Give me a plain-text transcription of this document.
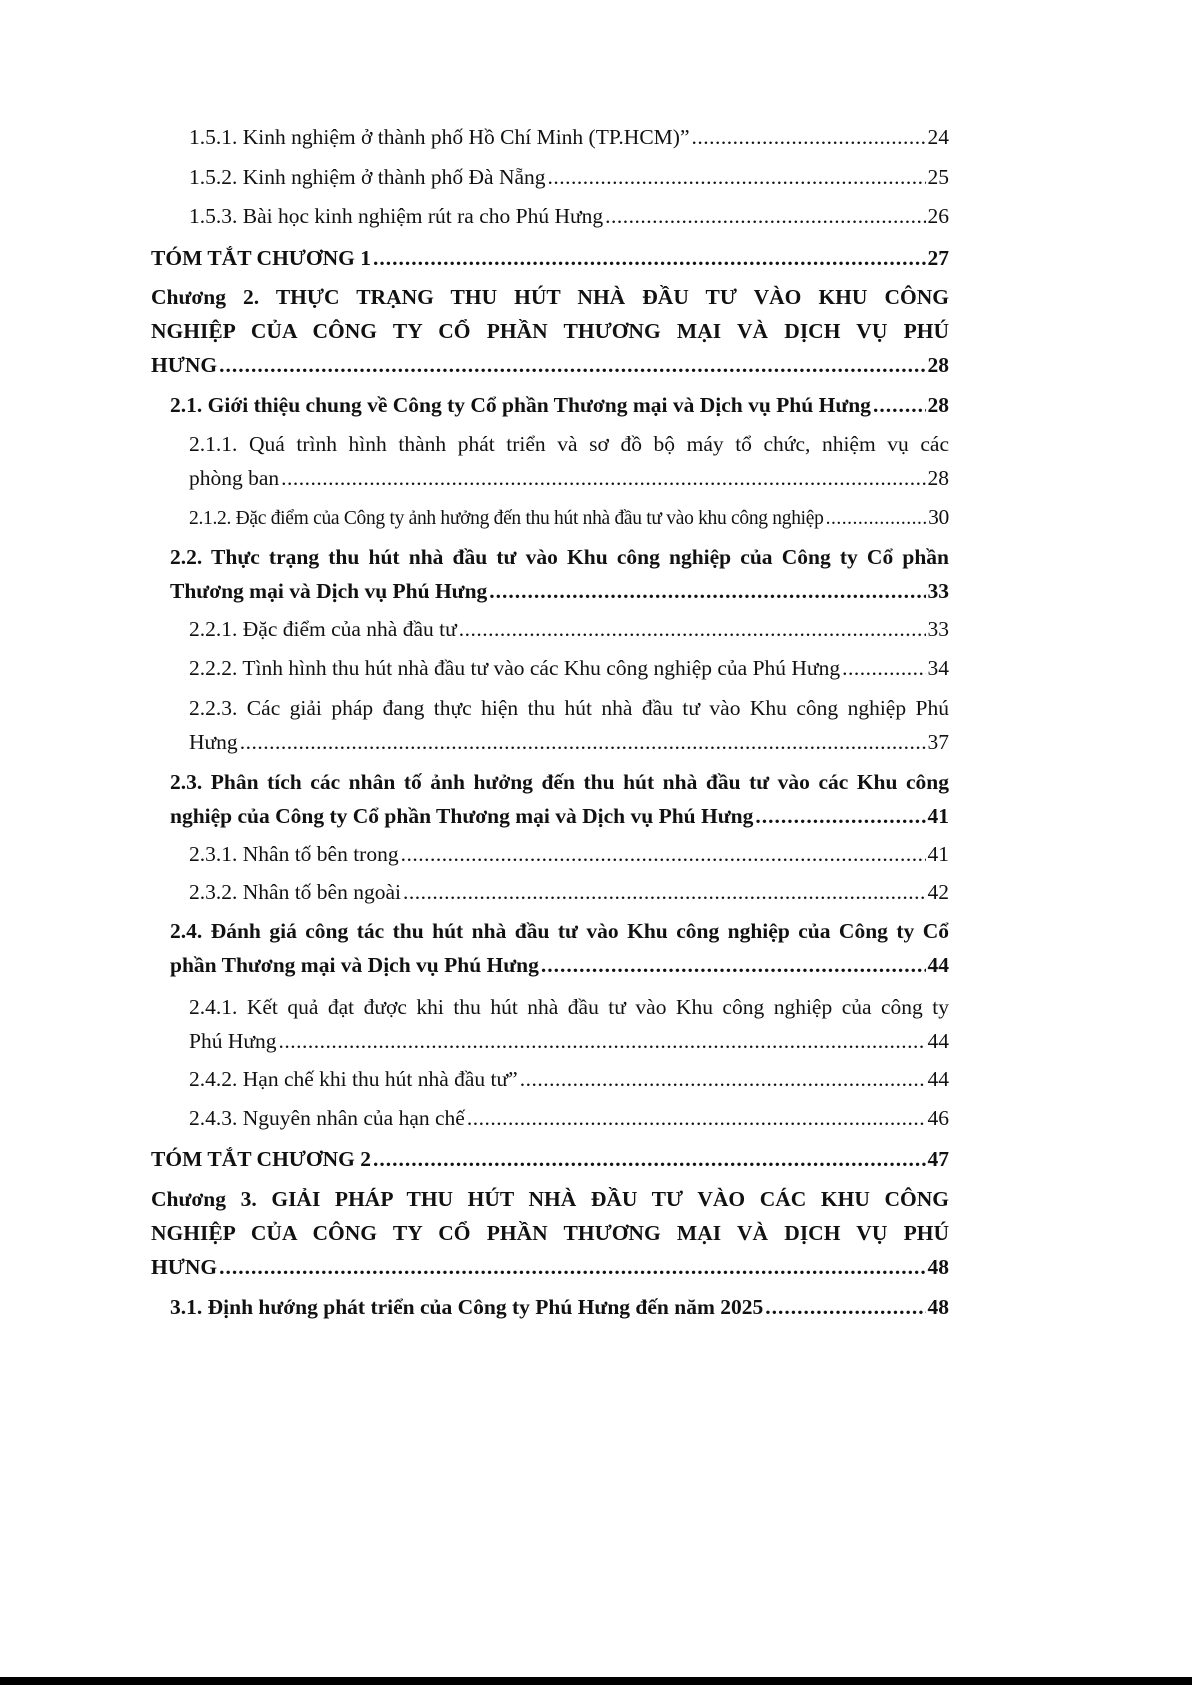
1.5.1. Kinh nghiệm ở thành phố Hồ Chí Minh (TP.HCM)” .....	24
1.5.2. Kinh nghiệm ở thành phố Đà Nẵng .....	25
1.5.3. Bài học kinh nghiệm rút ra cho Phú Hưng .....	26
TÓM TẮT CHƯƠNG 1 .....	27
Chương 2. THỰC TRẠNG THU HÚT NHÀ ĐẦU TƯ VÀO KHU CÔNG
NGHIỆP CỦA CÔNG TY CỔ PHẦN THƯƠNG MẠI VÀ DỊCH VỤ PHÚ
HƯNG .....	28
2.1. Giới thiệu chung về Công ty Cổ phần Thương mại và Dịch vụ Phú Hưng .....	28
2.1.1. Quá trình hình thành phát triển và sơ đồ bộ máy tổ chức, nhiệm vụ các
phòng ban .....	28
2.1.2. Đặc điểm của Công ty ảnh hưởng đến thu hút nhà đầu tư vào khu công nghiệp .....	30
2.2. Thực trạng thu hút nhà đầu tư vào Khu công nghiệp của Công ty Cổ phần
Thương mại và Dịch vụ Phú Hưng .....	33
2.2.1. Đặc điểm của nhà đầu tư .....	33
2.2.2. Tình hình thu hút nhà đầu tư vào các Khu công nghiệp của Phú Hưng .....	34
2.2.3. Các giải pháp đang thực hiện thu hút nhà đầu tư vào Khu công nghiệp Phú
Hưng .....	37
2.3. Phân tích các nhân tố ảnh hưởng đến thu hút nhà đầu tư vào các Khu công
nghiệp của Công ty Cổ phần Thương mại và Dịch vụ Phú Hưng .....	41
2.3.1. Nhân tố bên trong .....	41
2.3.2. Nhân tố bên ngoài .....	42
2.4. Đánh giá công tác thu hút nhà đầu tư vào Khu công nghiệp của Công ty Cổ
phần Thương mại và Dịch vụ Phú Hưng .....	44
2.4.1. Kết quả đạt được khi thu hút nhà đầu tư vào Khu công nghiệp của công ty
Phú Hưng .....	44
2.4.2. Hạn chế khi thu hút nhà đầu tư” .....	44
2.4.3. Nguyên nhân của hạn chế .....	46
TÓM TẮT CHƯƠNG 2 .....	47
Chương 3. GIẢI PHÁP THU HÚT NHÀ ĐẦU TƯ VÀO CÁC KHU CÔNG
NGHIỆP CỦA CÔNG TY CỔ PHẦN THƯƠNG MẠI VÀ DỊCH VỤ PHÚ
HƯNG .....	48
3.1. Định hướng phát triển của Công ty Phú Hưng đến năm 2025 .....	48
